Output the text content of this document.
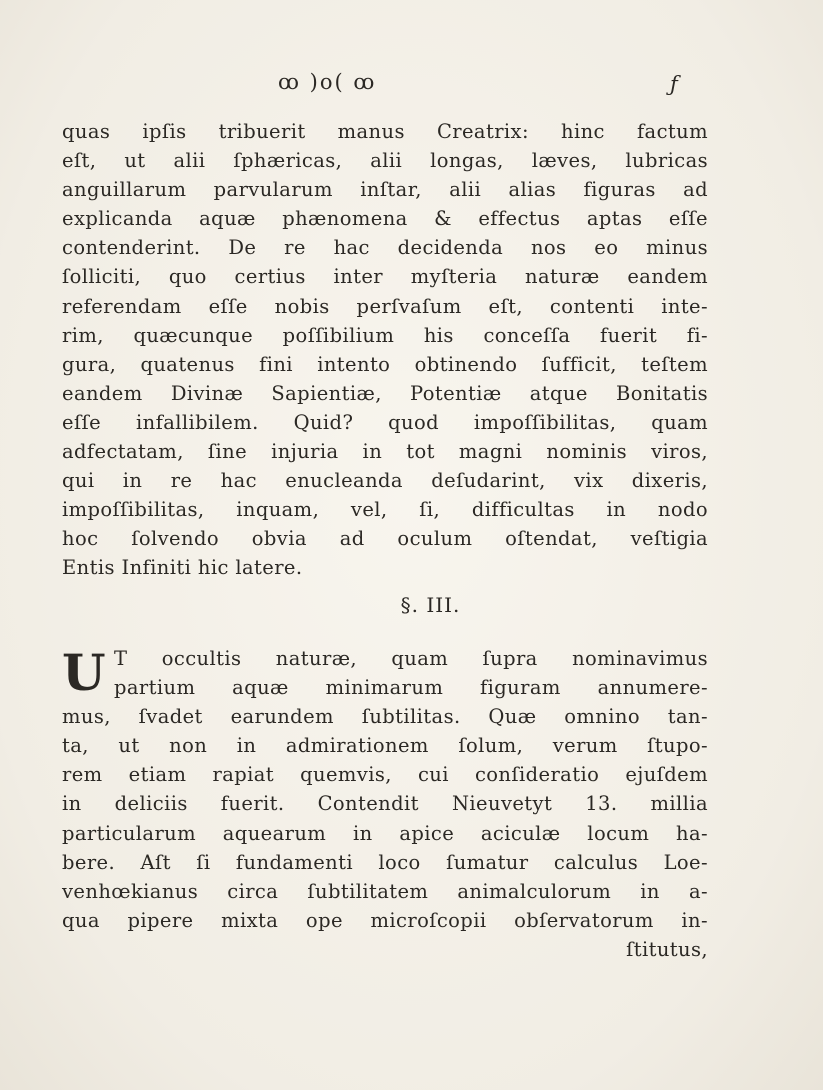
ꝏ )o( ꝏ	ƒ
quas ipſis tribuerit manus Creatrix: hinc factum
eſt, ut alii ſphæricas, alii longas, læves, lubricas
anguillarum parvularum inſtar, alii alias figuras ad
explicanda aquæ phænomena & effectus aptas eſſe
contenderint. De re hac decidenda nos eo minus
ſolliciti, quo certius inter myſteria naturæ eandem
referendam eſſe nobis perſvaſum eſt, contenti inte-
rim, quæcunque poſſibilium his conceſſa fuerit fi-
gura, quatenus fini intento obtinendo ſufficit, teſtem
eandem Divinæ Sapientiæ, Potentiæ atque Bonitatis
eſſe infallibilem. Quid? quod impoſſibilitas, quam
adfectatam, ſine injuria in tot magni nominis viros,
qui in re hac enucleanda deſudarint, vix dixeris,
impoſſibilitas, inquam, vel, ſi, difficultas in nodo
hoc ſolvendo obvia ad oculum oſtendat, veſtigia
Entis Infiniti hic latere.
§. III.
U T occultis naturæ, quam ſupra nominavimus
partium aquæ minimarum figuram annumere-
mus, ſvadet earundem ſubtilitas. Quæ omnino tan-
ta, ut non in admirationem ſolum, verum ſtupo-
rem etiam rapiat quemvis, cui conſideratio ejuſdem
in deliciis fuerit. Contendit Nieuvetyt 13. millia
particularum aquearum in apice aciculæ locum ha-
bere. Aſt ſi fundamenti loco ſumatur calculus Loe-
venhœkianus circa ſubtilitatem animalculorum in a-
qua pipere mixta ope microſcopii obſervatorum in-
ſtitutus,
